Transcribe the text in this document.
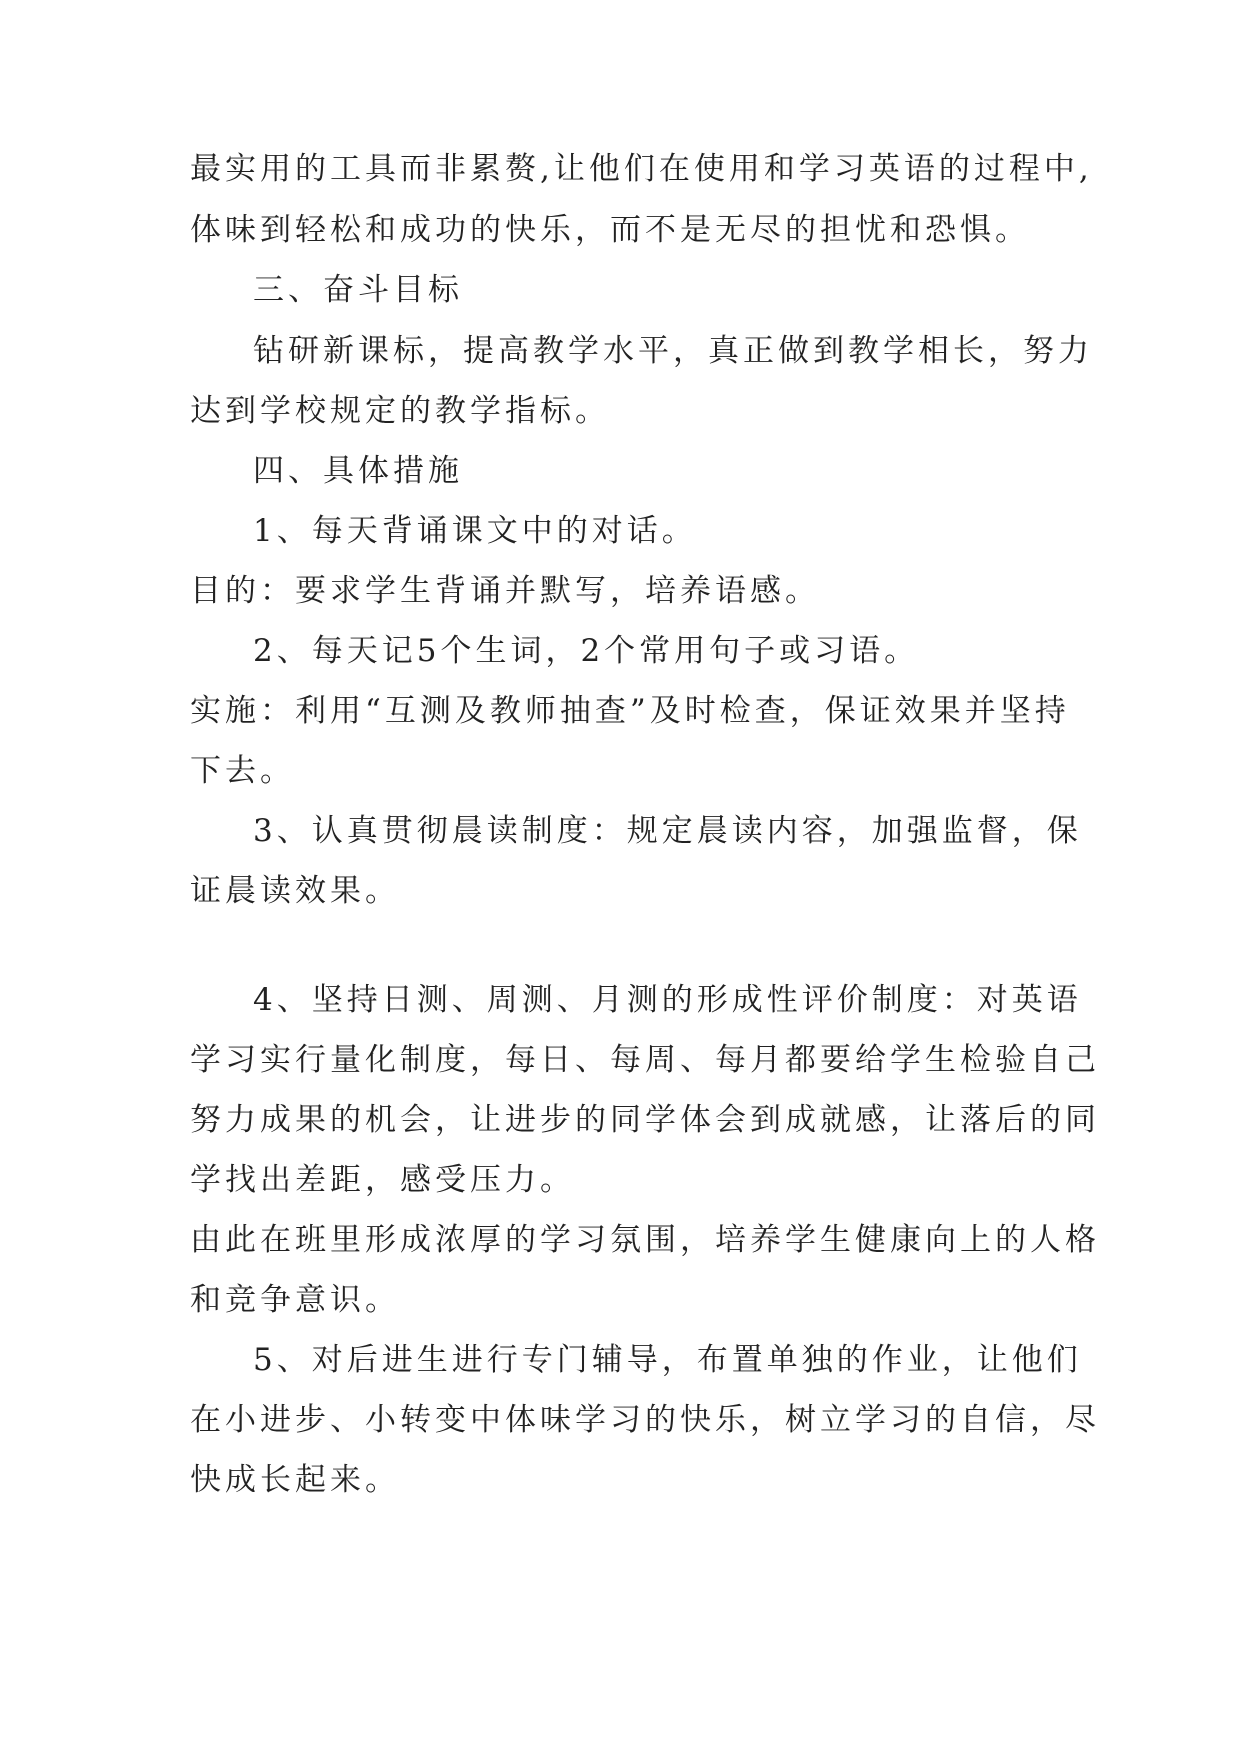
最实用的工具而非累赘,让他们在使用和学习英语的过程中,
体味到轻松和成功的快乐，而不是无尽的担忧和恐惧。
三、奋斗目标
钻研新课标，提高教学水平，真正做到教学相长，努力
达到学校规定的教学指标。
四、具体措施
1、每天背诵课文中的对话。
目的：要求学生背诵并默写，培养语感。
2、每天记5个生词，2个常用句子或习语。
实施：利用“互测及教师抽查”及时检查，保证效果并坚持
下去。
3、认真贯彻晨读制度：规定晨读内容，加强监督，保
证晨读效果。
4、坚持日测、周测、月测的形成性评价制度：对英语
学习实行量化制度，每日、每周、每月都要给学生检验自己
努力成果的机会，让进步的同学体会到成就感，让落后的同
学找出差距，感受压力。
由此在班里形成浓厚的学习氛围，培养学生健康向上的人格
和竞争意识。
5、对后进生进行专门辅导，布置单独的作业，让他们
在小进步、小转变中体味学习的快乐，树立学习的自信，尽
快成长起来。
